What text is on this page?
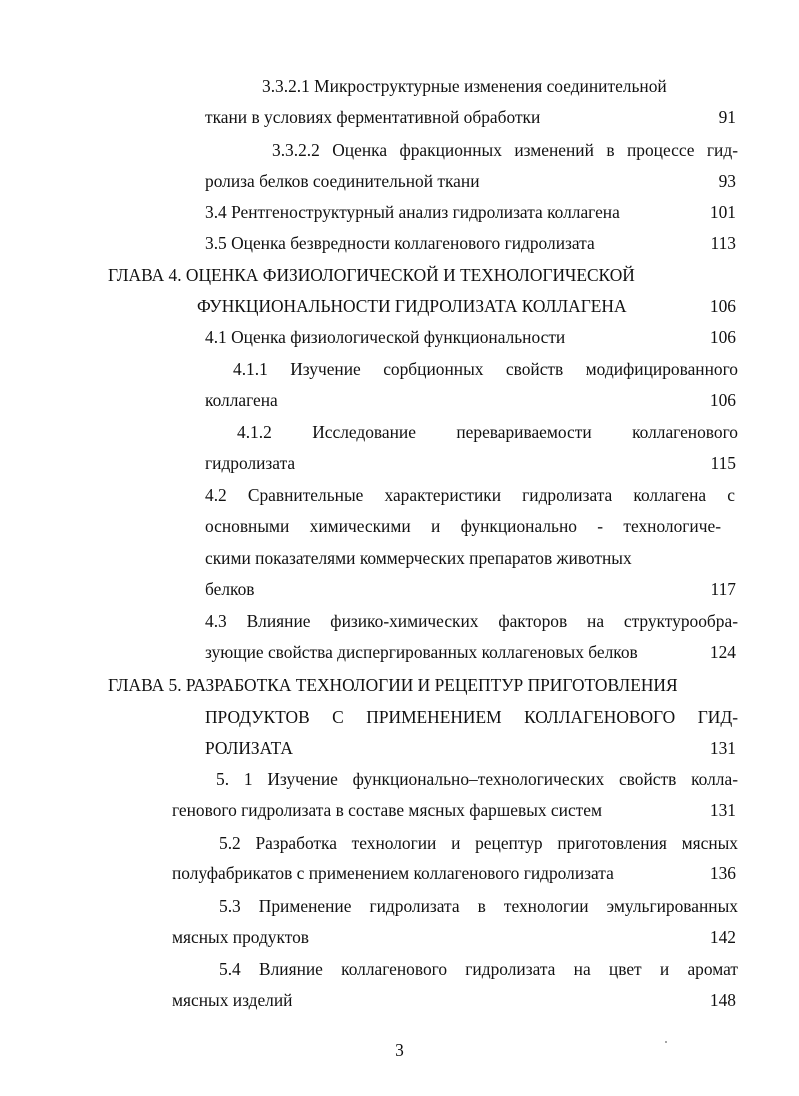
3.3.2.1 Микроструктурные изменения соединительной
ткани в условиях ферментативной обработки	91
3.3.2.2 Оценка фракционных изменений в процессе гид-
ролиза белков соединительной ткани	93
3.4 Рентгеноструктурный анализ гидролизата коллагена	101
3.5 Оценка безвредности коллагенового гидролизата	113
ГЛАВА 4. ОЦЕНКА ФИЗИОЛОГИЧЕСКОЙ И ТЕХНОЛОГИЧЕСКОЙ
ФУНКЦИОНАЛЬНОСТИ ГИДРОЛИЗАТА КОЛЛАГЕНА	106
4.1 Оценка физиологической функциональности	106
4.1.1 Изучение сорбционных свойств модифицированного
коллагена	106
4.1.2 Исследование перевариваемости коллагенового
гидролизата	115
4.2 Сравнительные характеристики гидролизата коллагена с
основными химическими и функционально - технологиче-
скими показателями коммерческих препаратов животных
белков	117
4.3 Влияние физико-химических факторов на структурообра-
зующие свойства диспергированных коллагеновых белков	124
ГЛАВА 5. РАЗРАБОТКА ТЕХНОЛОГИИ И РЕЦЕПТУР ПРИГОТОВЛЕНИЯ
ПРОДУКТОВ С ПРИМЕНЕНИЕМ КОЛЛАГЕНОВОГО ГИД-
РОЛИЗАТА	131
5. 1 Изучение функционально–технологических свойств колла-
генового гидролизата в составе мясных фаршевых систем	131
5.2 Разработка технологии и рецептур приготовления мясных
полуфабрикатов с применением коллагенового гидролизата	136
5.3 Применение гидролизата в технологии эмульгированных
мясных продуктов	142
5.4 Влияние коллагенового гидролизата на цвет и аромат
мясных изделий	148
3
